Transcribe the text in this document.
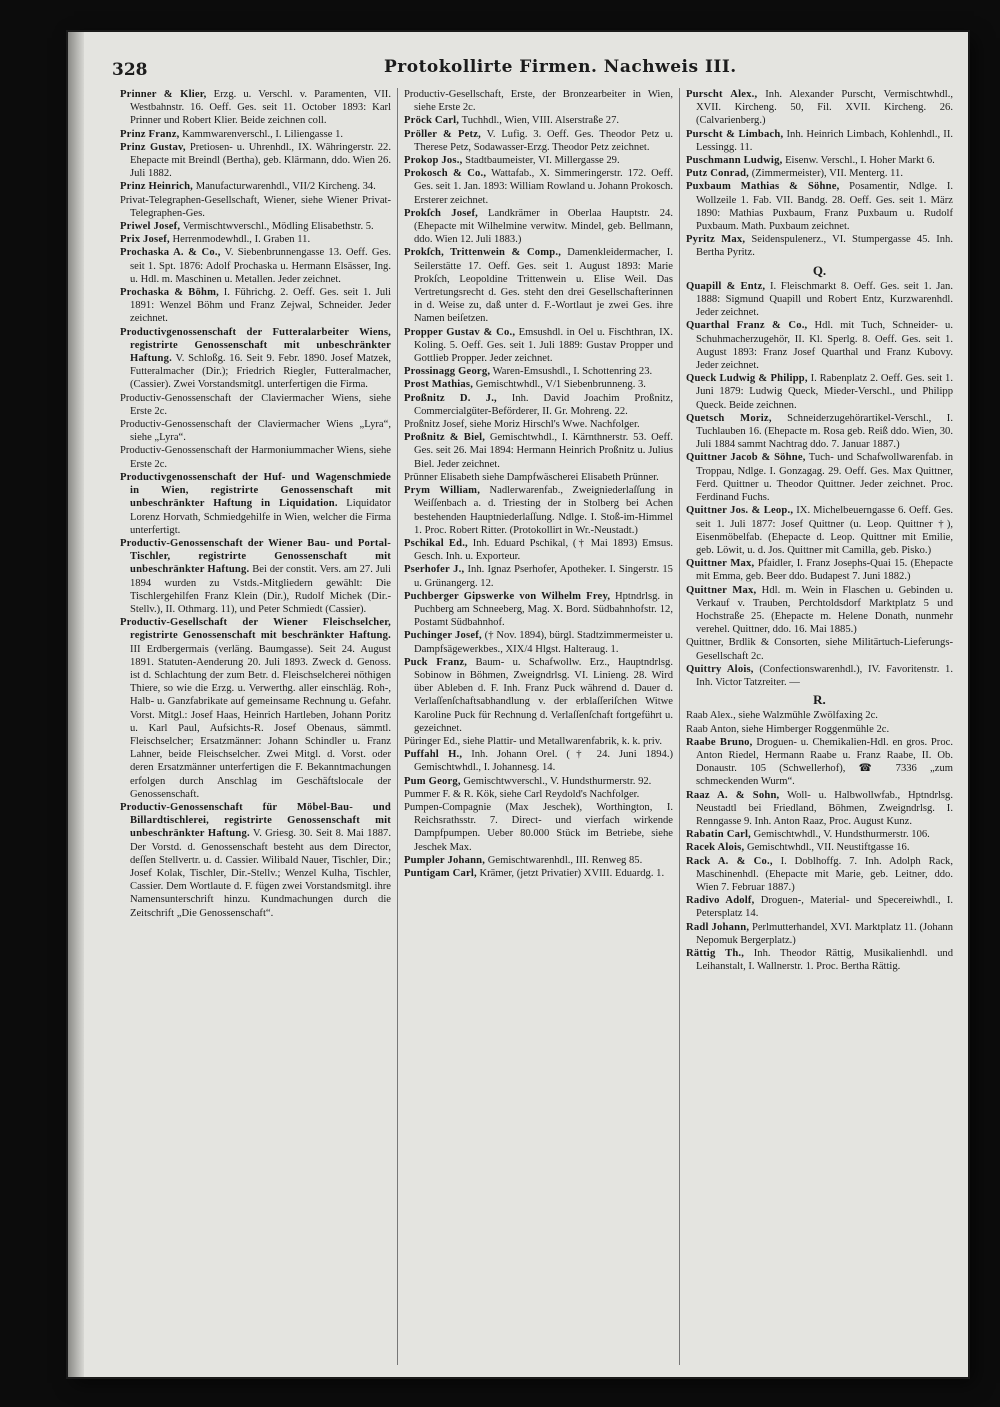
328	Protokollirte Firmen. Nachweis III.

Prinner & Klier, Erzg. u. Verschl. v. Paramenten, VII. Westbahnstr. 16. Oeff. Ges. seit 11. October 1893: Karl Prinner und Robert Klier. Beide zeichnen coll.

Prinz Franz, Kammwarenverschl., I. Liliengasse 1.

Prinz Gustav, Pretiosen- u. Uhrenhdl., IX. Währingerstr. 22. Ehepacte mit Breindl (Bertha), geb. Klärmann, ddo. Wien 26. Juli 1882.

Prinz Heinrich, Manufacturwarenhdl., VII/2 Kircheng. 34.

Privat-Telegraphen-Gesellschaft, Wiener, siehe Wiener Privat-Telegraphen-Ges.

Priwel Josef, Vermischtwverschl., Mödling Elisabethstr. 5.

Prix Josef, Herrenmodewhdl., I. Graben 11.

Prochaska A. & Co., V. Siebenbrunnengasse 13. Oeff. Ges. seit 1. Spt. 1876: Adolf Prochaska u. Hermann Elsässer, Ing. u. Hdl. m. Maschinen u. Metallen. Jeder zeichnet.

Prochaska & Böhm, I. Führichg. 2. Oeff. Ges. seit 1. Juli 1891: Wenzel Böhm und Franz Zejwal, Schneider. Jeder zeichnet.

Productivgenossenschaft der Futteralarbeiter Wiens, registrirte Genossenschaft mit unbeschränkter Haftung. V. Schloßg. 16. Seit 9. Febr. 1890. Josef Matzek, Futteralmacher (Dir.); Friedrich Riegler, Futteralmacher, (Cassier). Zwei Vorstandsmitgl. unterfertigen die Firma.

Productiv-Genossenschaft der Claviermacher Wiens, siehe Erste 2c.

Productiv-Genossenschaft der Claviermacher Wiens „Lyra“, siehe „Lyra“.

Productiv-Genossenschaft der Harmoniummacher Wiens, siehe Erste 2c.

Productivgenossenschaft der Huf- und Wagenschmiede in Wien, registrirte Genossenschaft mit unbeschränkter Haftung in Liquidation. Liquidator Lorenz Horvath, Schmiedgehilfe in Wien, welcher die Firma unterfertigt.

Productiv-Genossenschaft der Wiener Bau- und Portal-Tischler, registrirte Genossenschaft mit unbeschränkter Haftung. Bei der constit. Vers. am 27. Juli 1894 wurden zu Vstds.-Mitgliedern gewählt: Die Tischlergehilfen Franz Klein (Dir.), Rudolf Michek (Dir.-Stellv.), II. Othmarg. 11), und Peter Schmiedt (Cassier).

Productiv-Gesellschaft der Wiener Fleischselcher, registrirte Genossenschaft mit beschränkter Haftung. III Erdbergermais (verläng. Baumgasse). Seit 24. August 1891. Statuten-Aenderung 20. Juli 1893. Zweck d. Genoss. ist d. Schlachtung der zum Betr. d. Fleischselcherei nöthigen Thiere, so wie die Erzg. u. Verwerthg. aller einschläg. Roh-, Halb- u. Ganzfabrikate auf gemeinsame Rechnung u. Gefahr. Vorst. Mitgl.: Josef Haas, Heinrich Hartleben, Johann Poritz u. Karl Paul, Aufsichts-R. Josef Obenaus, sämmtl. Fleischselcher; Ersatzmänner: Johann Schindler u. Franz Lahner, beide Fleischselcher. Zwei Mitgl. d. Vorst. oder deren Ersatzmänner unterfertigen die F. Bekanntmachungen erfolgen durch Anschlag im Geschäftslocale der Genossenschaft.

Productiv-Genossenschaft für Möbel-Bau- und Billardtischlerei, registrirte Genossenschaft mit unbeschränkter Haftung. V. Griesg. 30. Seit 8. Mai 1887. Der Vorstd. d. Genossenschaft besteht aus dem Director, deſſen Stellvertr. u. d. Cassier. Wilibald Nauer, Tischler, Dir.; Josef Kolak, Tischler, Dir.-Stellv.; Wenzel Kulha, Tischler, Cassier. Dem Wortlaute d. F. fügen zwei Vorstandsmitgl. ihre Namensunterschrift hinzu. Kundmachungen durch die Zeitschrift „Die Genossenschaft“.

Productiv-Gesellschaft, Erste, der Bronzearbeiter in Wien, siehe Erste 2c.

Pröck Carl, Tuchhdl., Wien, VIII. Alserstraße 27.

Pröller & Petz, V. Lufig. 3. Oeff. Ges. Theodor Petz u. Therese Petz, Sodawasser-Erzg. Theodor Petz zeichnet.

Prokop Jos., Stadtbaumeister, VI. Millergasse 29.

Prokosch & Co., Wattafab., X. Simmeringerstr. 172. Oeff. Ges. seit 1. Jan. 1893: William Rowland u. Johann Prokosch. Ersterer zeichnet.

Prokſch Josef, Landkrämer in Oberlaa Hauptstr. 24. (Ehepacte mit Wilhelmine verwitw. Mindel, geb. Bellmann, ddo. Wien 12. Juli 1883.)

Prokſch, Trittenwein & Comp., Damenkleidermacher, I. Seilerstätte 17. Oeff. Ges. seit 1. August 1893: Marie Prokſch, Leopoldine Trittenwein u. Elise Weil. Das Vertretungsrecht d. Ges. steht den drei Gesellschafterinnen in d. Weise zu, daß unter d. F.-Wortlaut je zwei Ges. ihre Namen beiſetzen.

Propper Gustav & Co., Emsushdl. in Oel u. Fischthran, IX. Koling. 5. Oeff. Ges. seit 1. Juli 1889: Gustav Propper und Gottlieb Propper. Jeder zeichnet.

Prossinagg Georg, Waren-Emsushdl., I. Schottenring 23.

Prost Mathias, Gemischtwhdl., V/1 Siebenbrunneng. 3.

Proßnitz D. J., Inh. David Joachim Proßnitz, Commercialgüter-Beförderer, II. Gr. Mohreng. 22.

Proßnitz Josef, siehe Moriz Hirschl's Wwe. Nachfolger.

Proßnitz & Biel, Gemischtwhdl., I. Kärnthnerstr. 53. Oeff. Ges. seit 26. Mai 1894: Hermann Heinrich Proßnitz u. Julius Biel. Jeder zeichnet.

Prünner Elisabeth siehe Dampfwäscherei Elisabeth Prünner.

Prym William, Nadlerwarenfab., Zweigniederlaſſung in Weiſſenbach a. d. Triesting der in Stolberg bei Achen bestehenden Hauptniederlaſſung. Ndlge. I. Stoß-im-Himmel 1. Proc. Robert Ritter. (Protokollirt in Wr.-Neustadt.)

Pschikal Ed., Inh. Eduard Pschikal, († Mai 1893) Emsus. Gesch. Inh. u. Exporteur.

Pserhofer J., Inh. Ignaz Pserhofer, Apotheker. I. Singerstr. 15 u. Grünangerg. 12.

Puchberger Gipswerke von Wilhelm Frey, Hptndrlsg. in Puchberg am Schneeberg, Mag. X. Bord. Südbahnhofstr. 12, Postamt Südbahnhof.

Puchinger Josef, († Nov. 1894), bürgl. Stadtzimmermeister u. Dampfsägewerkbes., XIX/4 Hlgst. Halteraug. 1.

Puck Franz, Baum- u. Schafwollw. Erz., Hauptndrlsg. Sobinow in Böhmen, Zweigndrlsg. VI. Linieng. 28. Wird über Ableben d. F. Inh. Franz Puck während d. Dauer d. Verlaſſenſchaftsabhandlung v. der erblaſſeriſchen Witwe Karoline Puck für Rechnung d. Verlaſſenſchaft fortgeführt u. gezeichnet.

Püringer Ed., siehe Plattir- und Metallwarenfabrik, k. k. priv.

Puffahl H., Inh. Johann Orel. († 24. Juni 1894.) Gemischtwhdl., I. Johannesg. 14.

Pum Georg, Gemischtwverschl., V. Hundsthurmerstr. 92.

Pummer F. & R. Kök, siehe Carl Reydold's Nachfolger.

Pumpen-Compagnie (Max Jeschek), Worthington, I. Reichsrathsstr. 7. Direct- und vierfach wirkende Dampfpumpen. Ueber 80.000 Stück im Betriebe, siehe Jeschek Max.

Pumpler Johann, Gemischtwarenhdl., III. Renweg 85.

Puntigam Carl, Krämer, (jetzt Privatier) XVIII. Eduardg. 1.

Purscht Alex., Inh. Alexander Purscht, Vermischtwhdl., XVII. Kircheng. 50, Fil. XVII. Kircheng. 26. (Calvarienberg.)

Purscht & Limbach, Inh. Heinrich Limbach, Kohlenhdl., II. Lessingg. 11.

Puschmann Ludwig, Eisenw. Verschl., I. Hoher Markt 6.

Putz Conrad, (Zimmermeister), VII. Menterg. 11.

Puxbaum Mathias & Söhne, Posamentir, Ndlge. I. Wollzeile 1. Fab. VII. Bandg. 28. Oeff. Ges. seit 1. März 1890: Mathias Puxbaum, Franz Puxbaum u. Rudolf Puxbaum. Math. Puxbaum zeichnet.

Pyritz Max, Seidenspulenerz., VI. Stumpergasse 45. Inh. Bertha Pyritz.

Q.

Quapill & Entz, I. Fleischmarkt 8. Oeff. Ges. seit 1. Jan. 1888: Sigmund Quapill und Robert Entz, Kurzwarenhdl. Jeder zeichnet.

Quarthal Franz & Co., Hdl. mit Tuch, Schneider- u. Schuhmacherzugehör, II. Kl. Sperlg. 8. Oeff. Ges. seit 1. August 1893: Franz Josef Quarthal und Franz Kubovy. Jeder zeichnet.

Queck Ludwig & Philipp, I. Rabenplatz 2. Oeff. Ges. seit 1. Juni 1879: Ludwig Queck, Mieder-Verschl., und Philipp Queck. Beide zeichnen.

Quetsch Moriz, Schneiderzugehörartikel-Verschl., I. Tuchlauben 16. (Ehepacte m. Rosa geb. Reiß ddo. Wien, 30. Juli 1884 sammt Nachtrag ddo. 7. Januar 1887.)

Quittner Jacob & Söhne, Tuch- und Schafwollwarenfab. in Troppau, Ndlge. I. Gonzagag. 29. Oeff. Ges. Max Quittner, Ferd. Quittner u. Theodor Quittner. Jeder zeichnet. Proc. Ferdinand Fuchs.

Quittner Jos. & Leop., IX. Michelbeuerngasse 6. Oeff. Ges. seit 1. Juli 1877: Josef Quittner (u. Leop. Quittner †), Eisenmöbelfab. (Ehepacte d. Leop. Quittner mit Emilie, geb. Löwit, u. d. Jos. Quittner mit Camilla, geb. Pisko.)

Quittner Max, Pfaidler, I. Franz Josephs-Quai 15. (Ehepacte mit Emma, geb. Beer ddo. Budapest 7. Juni 1882.)

Quittner Max, Hdl. m. Wein in Flaschen u. Gebinden u. Verkauf v. Trauben, Perchtoldsdorf Marktplatz 5 und Hochstraße 25. (Ehepacte m. Helene Donath, nunmehr verehel. Quittner, ddo. 16. Mai 1885.)

Quittner, Brdlik & Consorten, siehe Militärtuch-Lieferungs-Gesellschaft 2c.

Quittry Alois, (Confectionswarenhdl.), IV. Favoritenstr. 1. Inh. Victor Tatzreiter. —

R.

Raab Alex., siehe Walzmühle Zwölfaxing 2c.

Raab Anton, siehe Himberger Roggenmühle 2c.

Raabe Bruno, Droguen- u. Chemikalien-Hdl. en gros. Proc. Anton Riedel, Hermann Raabe u. Franz Raabe, II. Ob. Donaustr. 105 (Schwellerhof), ☎ 7336 „zum schmeckenden Wurm“.

Raaz A. & Sohn, Woll- u. Halbwollwfab., Hptndrlsg. Neustadtl bei Friedland, Böhmen, Zweigndrlsg. I. Renngasse 9. Inh. Anton Raaz, Proc. August Kunz.

Rabatin Carl, Gemischtwhdl., V. Hundsthurmerstr. 106.

Racek Alois, Gemischtwhdl., VII. Neustiftgasse 16.

Rack A. & Co., I. Doblhoffg. 7. Inh. Adolph Rack, Maschinenhdl. (Ehepacte mit Marie, geb. Leitner, ddo. Wien 7. Februar 1887.)

Radivo Adolf, Droguen-, Material- und Specereiwhdl., I. Petersplatz 14.

Radl Johann, Perlmutterhandel, XVI. Marktplatz 11. (Johann Nepomuk Bergerplatz.)

Rättig Th., Inh. Theodor Rättig, Musikalienhdl. und Leihanstalt, I. Wallnerstr. 1. Proc. Bertha Rättig.
